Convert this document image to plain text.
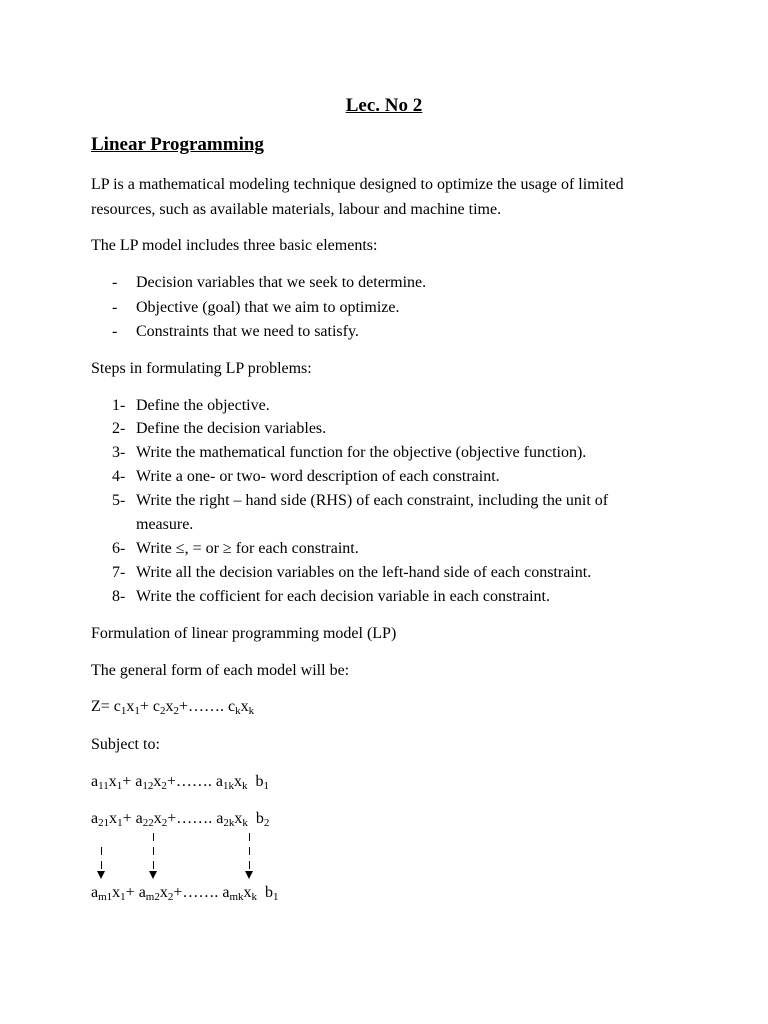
Lec. No 2
Linear Programming
LP is a mathematical modeling technique designed to optimize the usage of limited
resources, such as available materials, labour and machine time.
The LP model includes three basic elements:
- Decision variables that we seek to determine.
- Objective (goal) that we aim to optimize.
- Constraints that we need to satisfy.
Steps in formulating LP problems:
1- Define the objective.
2- Define the decision variables.
3- Write the mathematical function for the objective (objective function).
4- Write a one- or two- word description of each constraint.
5- Write the right – hand side (RHS) of each constraint, including the unit of
measure.
6- Write ≤, = or ≥ for each constraint.
7- Write all the decision variables on the left-hand side of each constraint.
8- Write the cofficient for each decision variable in each constraint.
Formulation of linear programming model (LP)
The general form of each model will be:
$Z= c_1x_1+$ $c_2x_2+\dots\dots$. $c_kx_k$
Subject to:
$a_{11}x_1+$ $a_{12}x_2+\dots\dots$. $a_{1k}x_k$ $b_1$
$a_{21}x_1+$ $a_{22}x_2+\dots\dots$. $a_{2k}x_k$ $b_2$
$a_{m1}x_1+$ $a_{m2}x_2+\dots\dots$. $a_{mk}x_k$ $b_1$
